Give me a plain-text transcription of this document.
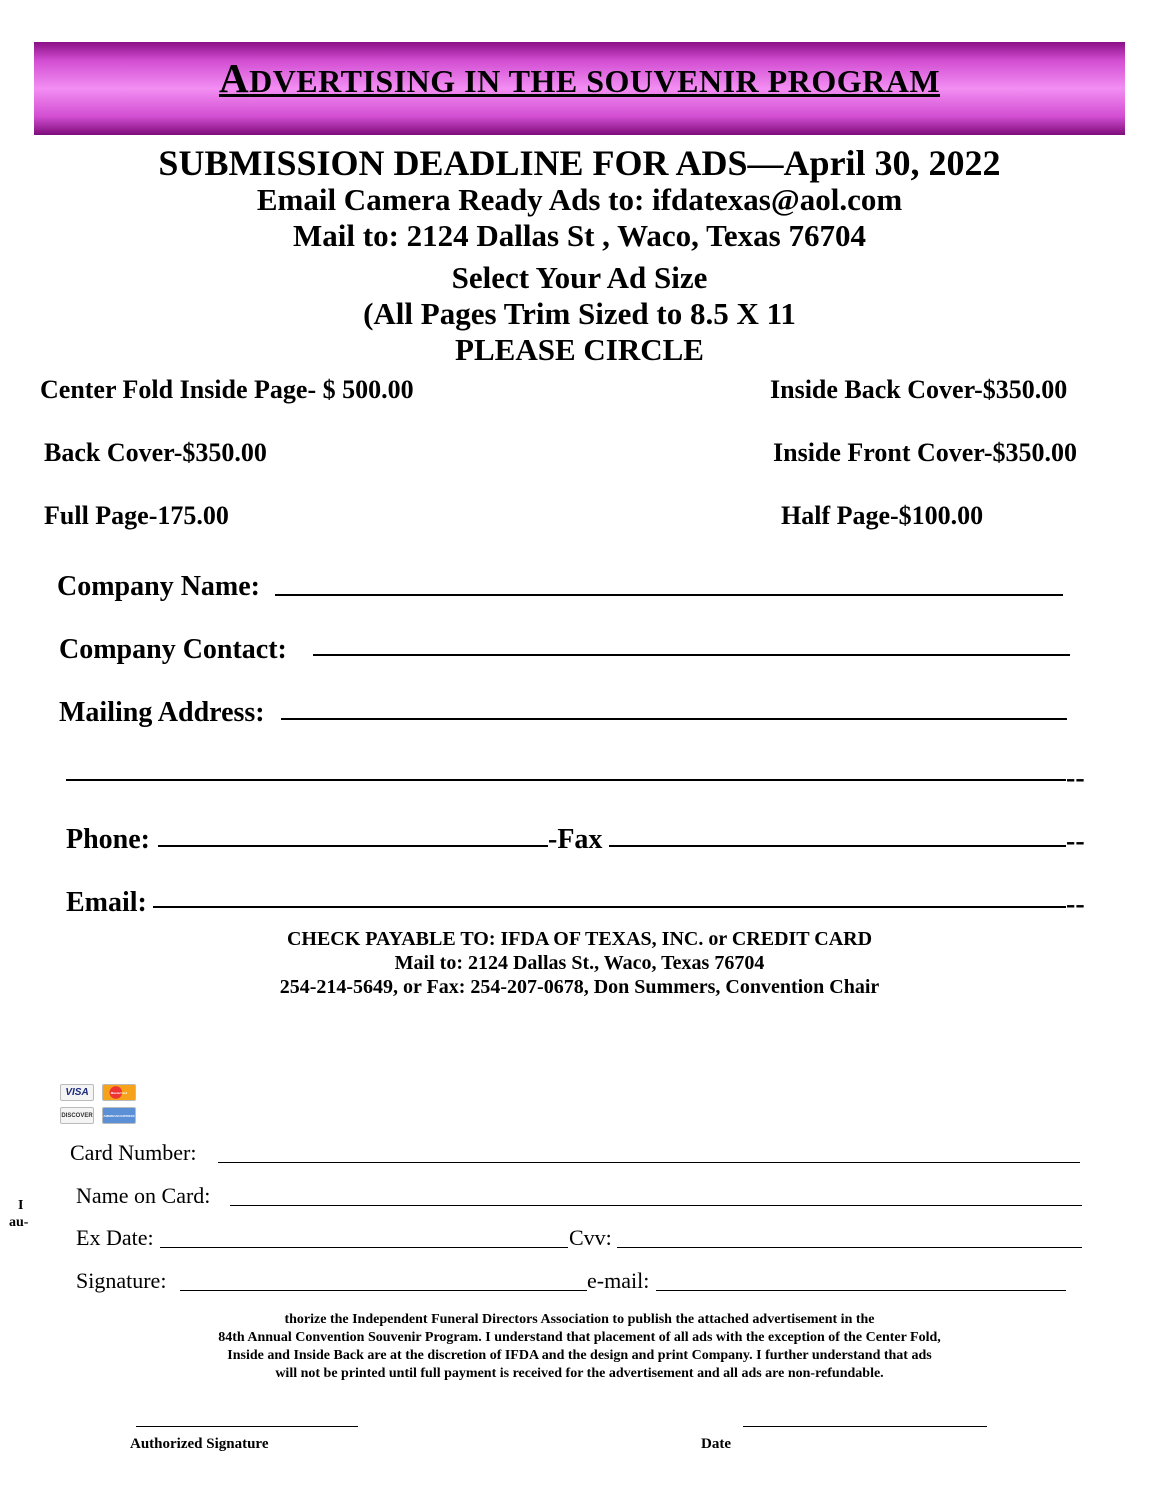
ADVERTISING IN THE SOUVENIR PROGRAM
SUBMISSION DEADLINE FOR ADS—April 30, 2022
Email Camera Ready Ads to: ifdatexas@aol.com
Mail to: 2124 Dallas St , Waco, Texas 76704
Select Your Ad Size
(All Pages Trim Sized to 8.5 X 11
PLEASE CIRCLE
Center Fold Inside Page- $ 500.00	Inside Back Cover-$350.00
Back Cover-$350.00	Inside Front Cover-$350.00
Full Page-175.00	Half Page-$100.00
Company Name:
Company Contact:
Mailing Address:
--
Phone:	-Fax	--
Email:	--
CHECK PAYABLE TO: IFDA OF TEXAS, INC. or CREDIT CARD
Mail to: 2124 Dallas St., Waco, Texas 76704
254-214-5649, or Fax: 254-207-0678, Don Summers, Convention Chair
VISA	MasterCard
DISCOVER	AMERICAN EXPRESS
Card Number:
Name on Card:
Ex Date:	Cvv:
Signature:	e-mail:
I
au-
thorize the Independent Funeral Directors Association to publish the attached advertisement in the
84th Annual Convention Souvenir Program. I understand that placement of all ads with the exception of the Center Fold,
Inside and Inside Back are at the discretion of IFDA and the design and print Company. I further understand that ads
will not be printed until full payment is received for the advertisement and all ads are non-refundable.
Authorized Signature	Date
